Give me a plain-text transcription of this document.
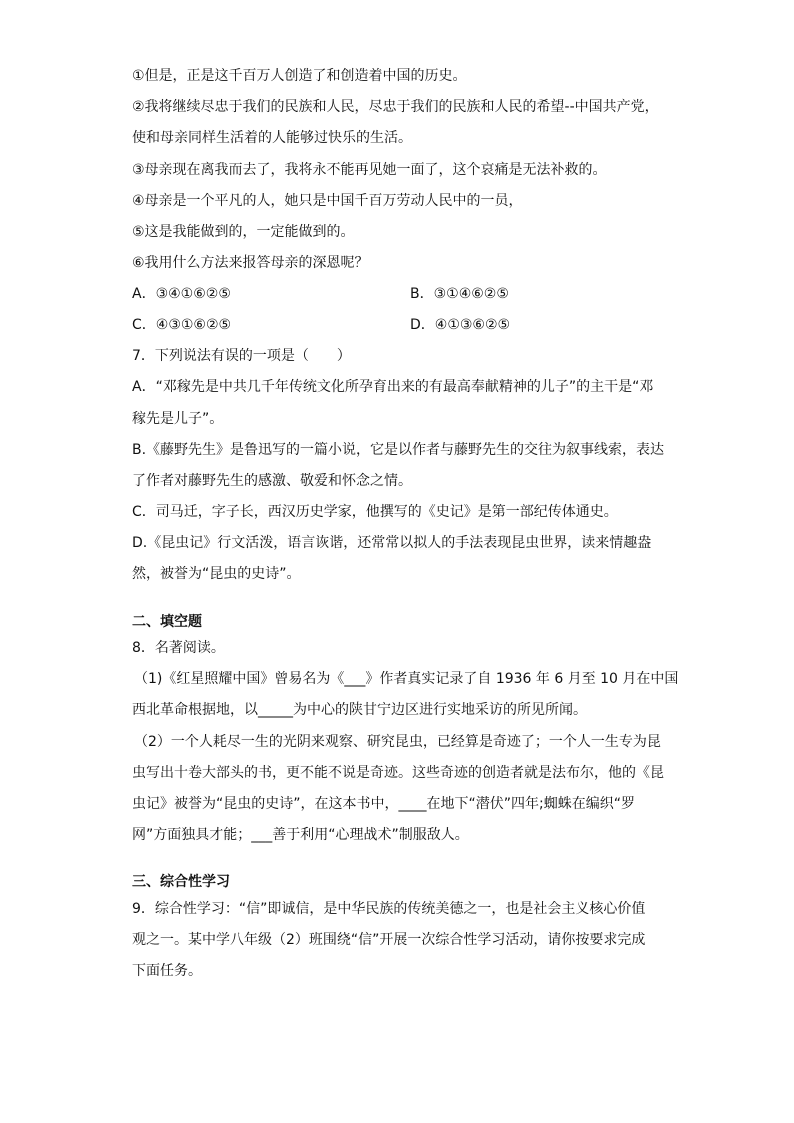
①但是，正是这千百万人创造了和创造着中国的历史。
②我将继续尽忠于我们的民族和人民，尽忠于我们的民族和人民的希望--中国共产党，
使和母亲同样生活着的人能够过快乐的生活。
③母亲现在离我而去了，我将永不能再见她一面了，这个哀痛是无法补救的。
④母亲是一个平凡的人，她只是中国千百万劳动人民中的一员，
⑤这是我能做到的，一定能做到的。
⑥我用什么方法来报答母亲的深恩呢？
A．③④①⑥②⑤	B．③①④⑥②⑤
C．④③①⑥②⑤	D．④①③⑥②⑤
7．下列说法有误的一项是（　　）
A．“邓稼先是中共几千年传统文化所孕育出来的有最高奉献精神的儿子”的主干是“邓
稼先是儿子”。
B.《藤野先生》是鲁迅写的一篇小说，它是以作者与藤野先生的交往为叙事线索，表达
了作者对藤野先生的感激、敬爱和怀念之情。
C．司马迁，字子长，西汉历史学家，他撰写的《史记》是第一部纪传体通史。
D.《昆虫记》行文活泼，语言诙谐，还常常以拟人的手法表现昆虫世界，读来情趣盎
然，被誉为“昆虫的史诗”。
二、填空题
8．名著阅读。
（1)《红星照耀中国》曾易名为《___》作者真实记录了自 1936 年 6 月至 10 月在中国
西北革命根据地，以_____为中心的陕甘宁边区进行实地采访的所见所闻。
（2）一个人耗尽一生的光阴来观察、研究昆虫，已经算是奇迹了；一个人一生专为昆
虫写出十卷大部头的书，更不能不说是奇迹。这些奇迹的创造者就是法布尔，他的《昆
虫记》被誉为“昆虫的史诗”，在这本书中，____在地下“潜伏”四年;蜘蛛在编织“罗
网”方面独具才能；___善于利用“心理战术”制服敌人。
三、综合性学习
9．综合性学习：“信”即诚信，是中华民族的传统美德之一，也是社会主义核心价值
观之一。某中学八年级（2）班围绕“信”开展一次综合性学习活动，请你按要求完成
下面任务。
